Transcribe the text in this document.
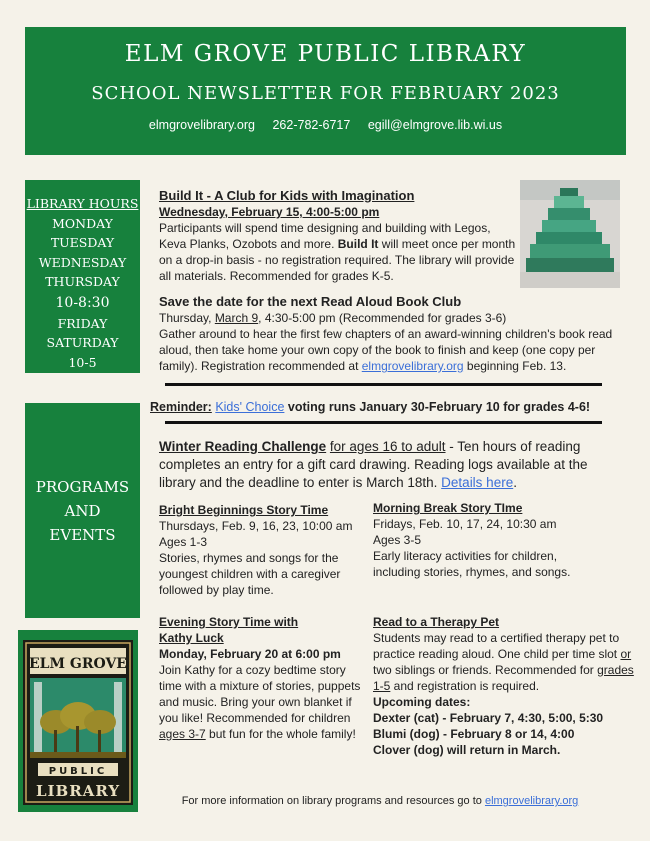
ELM GROVE PUBLIC LIBRARY
SCHOOL NEWSLETTER FOR FEBRUARY 2023
elmgrovelibrary.org 262-782-6717 egill@elmgrove.lib.wi.us
LIBRARY HOURS
MONDAY
TUESDAY
WEDNESDAY
THURSDAY
10-8:30
FRIDAY
SATURDAY
10-5
Build It - A Club for Kids with Imagination
Wednesday, February 15, 4:00-5:00 pm
Participants will spend time designing and building with Legos, Keva Planks, Ozobots and more. Build It will meet once per month on a drop-in basis - no registration required. The library will provide all materials. Recommended for grades K-5.
Save the date for the next Read Aloud Book Club
Thursday, March 9, 4:30-5:00 pm (Recommended for grades 3-6)
Gather around to hear the first few chapters of an award-winning children's book read aloud, then take home your own copy of the book to finish and keep (one copy per family). Registration recommended at elmgrovelibrary.org beginning Feb. 13.
Reminder: Kids' Choice voting runs January 30-February 10 for grades 4-6!
PROGRAMS
AND
EVENTS
Winter Reading Challenge for ages 16 to adult - Ten hours of reading completes an entry for a gift card drawing. Reading logs available at the library and the deadline to enter is March 18th. Details here.
Bright Beginnings Story Time
Thursdays, Feb. 9, 16, 23, 10:00 am
Ages 1-3
Stories, rhymes and songs for the youngest children with a caregiver followed by play time.
Morning Break Story TIme
Fridays, Feb. 10, 17, 24, 10:30 am
Ages 3-5
Early literacy activities for children, including stories, rhymes, and songs.
ELM GROVE
PUBLIC
LIBRARY
Evening Story Time with
Kathy Luck
Monday, February 20 at 6:00 pm
Join Kathy for a cozy bedtime story time with a mixture of stories, puppets and music. Bring your own blanket if you like! Recommended for children ages 3-7 but fun for the whole family!
Read to a Therapy Pet
Students may read to a certified therapy pet to practice reading aloud. One child per time slot or two siblings or friends. Recommended for grades 1-5 and registration is required.
Upcoming dates:
Dexter (cat) - February 7, 4:30, 5:00, 5:30
Blumi (dog) - February 8 or 14, 4:00
Clover (dog) will return in March.
For more information on library programs and resources go to elmgrovelibrary.org
